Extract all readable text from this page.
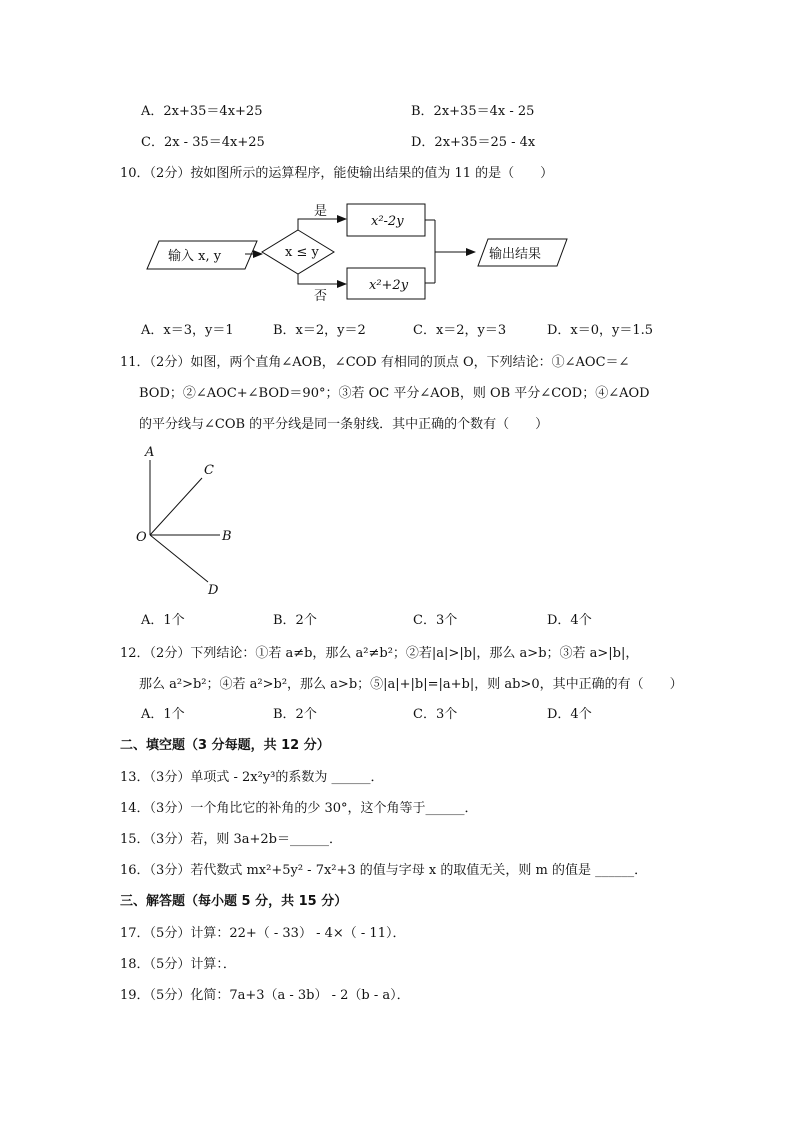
A．2x+35＝4x+25	B．2x+35＝4x - 25
C．2x - 35＝4x+25	D．2x+35＝25 - 4x
10．（2分）按如图所示的运算程序，能使输出结果的值为 11 的是（　　）
输入 x, y	x ≤ y
是
否
x²-2y
x²+2y
输出结果
A．x＝3，y＝1	B．x＝2，y＝2	C．x＝2，y＝3	D．x＝0，y＝1.5
11．（2分）如图，两个直角∠AOB，∠COD 有相同的顶点 O，下列结论：①∠AOC＝∠
BOD；②∠AOC+∠BOD＝90°；③若 OC 平分∠AOB，则 OB 平分∠COD；④∠AOD
的平分线与∠COB 的平分线是同一条射线．其中正确的个数有（　　）
A
C
O	B
D
A．1个	B．2个	C．3个	D．4个
12．（2分）下列结论：①若 a≠b，那么 a²≠b²；②若|a|>|b|，那么 a>b；③若 a>|b|，
那么 a²>b²；④若 a²>b²，那么 a>b；⑤|a|+|b|=|a+b|，则 ab>0，其中正确的有（　　）
A．1个	B．2个	C．3个	D．4个
二、填空题（3 分每题，共 12 分）
13．（3分）单项式 - 2x²y³的系数为 ______．
14．（3分）一个角比它的补角的少 30°，这个角等于______．
15．（3分）若，则 3a+2b＝______．
16．（3分）若代数式 mx²+5y² - 7x²+3 的值与字母 x 的取值无关，则 m 的值是 ______．
三、解答题（每小题 5 分，共 15 分）
17．（5分）计算：22+（ - 33） - 4×（ - 11）．
18．（5分）计算：．
19．（5分）化简：7a+3（a - 3b） - 2（b - a）．
